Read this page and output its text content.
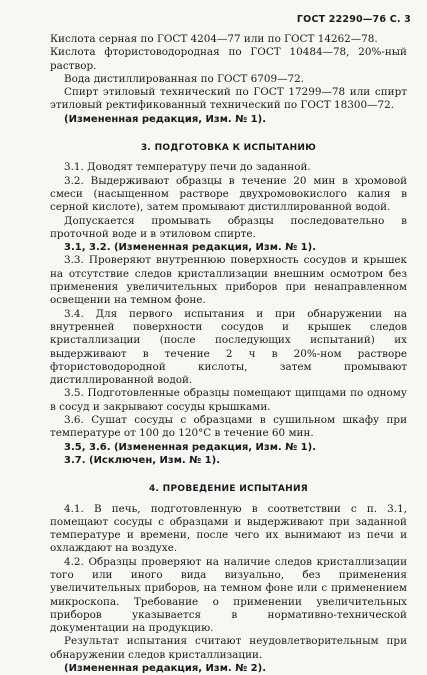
ГОСТ 22290—76 С. 3

Кислота серная по ГОСТ 4204—77 или по ГОСТ 14262—78.

Кислота фтористоводородная по ГОСТ 10484—78, 20%-ный раствор.

Вода дистиллированная по ГОСТ 6709—72.

Спирт этиловый технический по ГОСТ 17299—78 или спирт этиловый ректификованный технический по ГОСТ 18300—72.

(Измененная редакция, Изм. № 1).

3. ПОДГОТОВКА К ИСПЫТАНИЮ

3.1. Доводят температуру печи до заданной.

3.2. Выдерживают образцы в течение 20 мин в хромовой смеси (насыщенном растворе двухромовокислого калия в серной кислоте), затем промывают дистиллированной водой.

Допускается промывать образцы последовательно в проточной воде и в этиловом спирте.

3.1, 3.2. (Измененная редакция, Изм. № 1).

3.3. Проверяют внутреннюю поверхность сосудов и крышек на отсутствие следов кристаллизации внешним осмотром без применения увеличительных приборов при ненаправленном освещении на темном фоне.

3.4. Для первого испытания и при обнаружении на внутренней поверхности сосудов и крышек следов кристаллизации (после последующих испытаний) их выдерживают в течение 2 ч в 20%-ном растворе фтористоводородной кислоты, затем промывают дистиллированной водой.

3.5. Подготовленные образцы помещают щипцами по одному в сосуд и закрывают сосуды крышками.

3.6. Сушат сосуды с образцами в сушильном шкафу при температуре от 100 до 120°С в течение 60 мин.

3.5, 3.6. (Измененная редакция, Изм. № 1).

3.7. (Исключен, Изм. № 1).

4. ПРОВЕДЕНИЕ ИСПЫТАНИЯ

4.1. В печь, подготовленную в соответствии с п. 3.1, помещают сосуды с образцами и выдерживают при заданной температуре и времени, после чего их вынимают из печи и охлаждают на воздухе.

4.2. Образцы проверяют на наличие следов кристаллизации того или иного вида визуально, без применения увеличительных приборов, на темном фоне или с применением микроскопа. Требование о применении увеличительных приборов указывается в нормативно-технической документации на продукцию.

Результат испытания считают неудовлетворительным при обнаружении следов кристаллизации.

(Измененная редакция, Изм. № 2).
